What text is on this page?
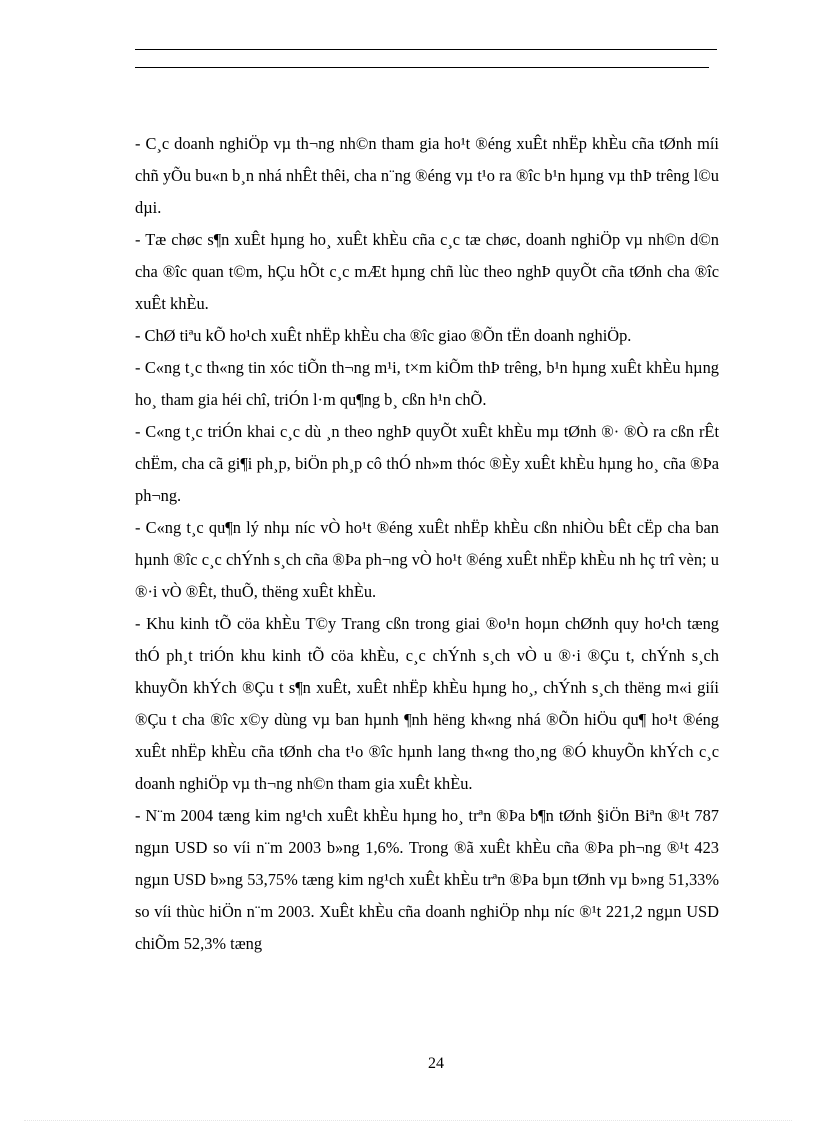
- C¸c doanh nghiÖp vµ th¬ng nh©n tham gia ho¹t ®éng xuÊt nhËp khÈu cña tØnh míi chñ yÕu bu«n b¸n nhá nhÊt thêi, cha n¨ng ®éng vµ t¹o ra ®îc b¹n hµng vµ thÞ trêng l©u dµi.

- Tæ chøc s¶n xuÊt hµng ho¸ xuÊt khÈu cña c¸c tæ chøc, doanh nghiÖp vµ nh©n d©n cha ®îc quan t©m, hÇu hÕt c¸c mÆt hµng chñ lùc theo nghÞ quyÕt cña tØnh cha ®îc xuÊt khÈu.

- ChØ tiªu kÕ ho¹ch xuÊt nhËp khÈu cha ®îc giao ®Õn tËn doanh nghiÖp.

- C«ng t¸c th«ng tin xóc tiÕn th¬ng m¹i, t×m kiÕm thÞ trêng, b¹n hµng xuÊt khÈu hµng ho¸ tham gia héi chî, triÓn l·m qu¶ng b¸ cßn h¹n chÕ.

- C«ng t¸c triÓn khai c¸c dù ¸n theo nghÞ quyÕt xuÊt khÈu mµ tØnh ®· ®Ò ra cßn rÊt chËm, cha cã gi¶i ph¸p, biÖn ph¸p cô thÓ nh»m thóc ®Èy xuÊt khÈu hµng ho¸ cña ®Þa ph¬ng.

- C«ng t¸c qu¶n lý nhµ níc vÒ ho¹t ®éng xuÊt nhËp khÈu cßn nhiÒu bÊt cËp cha ban hµnh ®îc c¸c chÝnh s¸ch cña ®Þa ph¬ng vÒ ho¹t ®éng xuÊt nhËp khÈu nh hç trî vèn; u ®·i vÒ ®Êt, thuÕ, thëng xuÊt khÈu.

- Khu kinh tÕ cöa khÈu T©y Trang cßn trong giai ®o¹n hoµn chØnh quy ho¹ch tæng thÓ ph¸t triÓn khu kinh tÕ cöa khÈu, c¸c chÝnh s¸ch vÒ u ®·i ®Çu t, chÝnh s¸ch khuyÕn khÝch ®Çu t s¶n xuÊt, xuÊt nhËp khÈu hµng ho¸, chÝnh s¸ch thëng m«i giíi ®Çu t cha ®îc x©y dùng vµ ban hµnh ¶nh hëng kh«ng nhá ®Õn hiÖu qu¶ ho¹t ®éng xuÊt nhËp khÈu cña tØnh cha t¹o ®îc hµnh lang th«ng tho¸ng ®Ó khuyÕn khÝch c¸c doanh nghiÖp vµ th¬ng nh©n tham gia xuÊt khÈu.

- N¨m 2004 tæng kim ng¹ch xuÊt khÈu hµng ho¸ trªn ®Þa b¶n tØnh §iÖn Biªn ®¹t 787 ngµn USD so víi n¨m 2003 b»ng 1,6%. Trong ®ã xuÊt khÈu cña ®Þa ph¬ng ®¹t 423 ngµn USD b»ng 53,75% tæng kim ng¹ch xuÊt khÈu trªn ®Þa bµn tØnh vµ b»ng 51,33% so víi thùc hiÖn n¨m 2003. XuÊt khÈu cña doanh nghiÖp nhµ níc ®¹t 221,2 ngµn USD chiÕm 52,3% tæng

24
